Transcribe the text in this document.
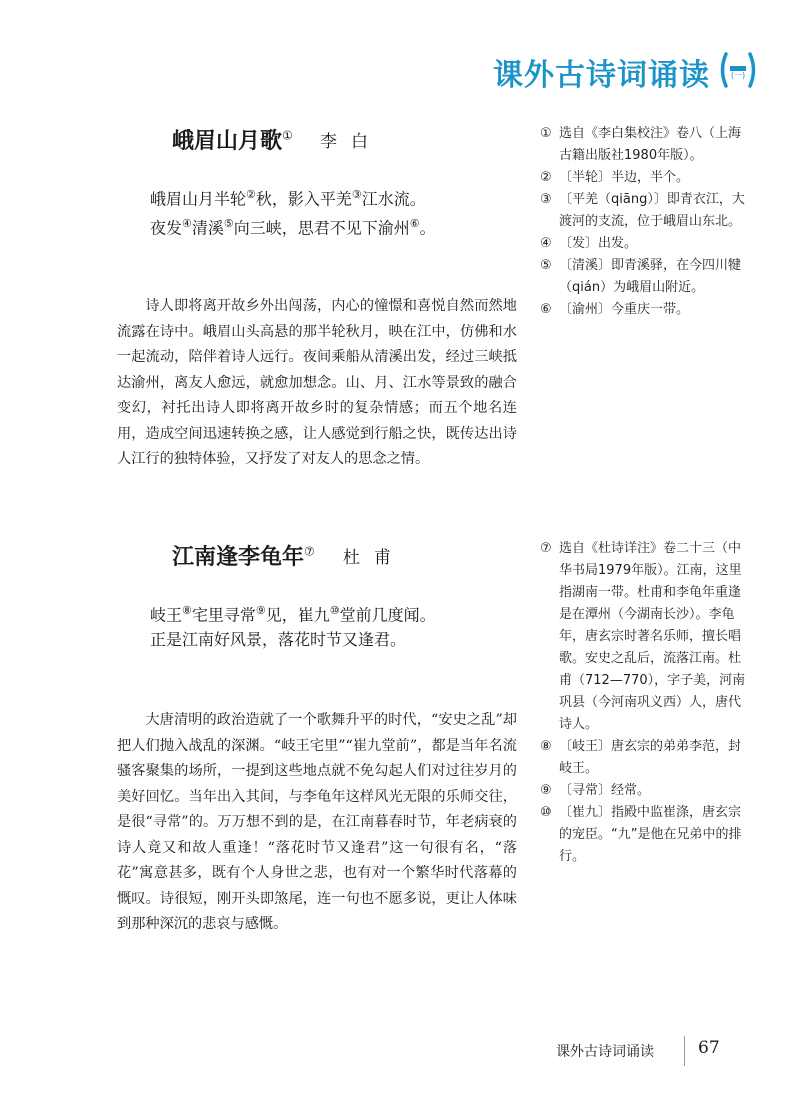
课外古诗词诵读	(一)
峨眉山月歌① 李白
峨眉山月半轮②秋，影入平羌③江水流。
夜发④清溪⑤向三峡，思君不见下渝州⑥。
诗人即将离开故乡外出闯荡，内心的憧憬和喜悦自然而然地流露在诗中。峨眉山头高悬的那半轮秋月，映在江中，仿佛和水一起流动，陪伴着诗人远行。夜间乘船从清溪出发，经过三峡抵达渝州，离友人愈远，就愈加想念。山、月、江水等景致的融合变幻，衬托出诗人即将离开故乡时的复杂情感；而五个地名连用，造成空间迅速转换之感，让人感觉到行船之快，既传达出诗人江行的独特体验，又抒发了对友人的思念之情。
① 选自《李白集校注》卷八（上海古籍出版社1980年版）。
② 〔半轮〕半边，半个。
③ 〔平羌（qiāng）〕即青衣江，大渡河的支流，位于峨眉山东北。
④ 〔发〕出发。
⑤ 〔清溪〕即青溪驿，在今四川犍（qián）为峨眉山附近。
⑥ 〔渝州〕今重庆一带。
江南逢李龟年⑦ 杜甫
岐王⑧宅里寻常⑨见，崔九⑩堂前几度闻。
正是江南好风景，落花时节又逢君。
大唐清明的政治造就了一个歌舞升平的时代，“安史之乱”却把人们抛入战乱的深渊。“岐王宅里”“崔九堂前”，都是当年名流骚客聚集的场所，一提到这些地点就不免勾起人们对过往岁月的美好回忆。当年出入其间，与李龟年这样风光无限的乐师交往，是很“寻常”的。万万想不到的是，在江南暮春时节，年老病衰的诗人竟又和故人重逢！“落花时节又逢君”这一句很有名，“落花”寓意甚多，既有个人身世之悲，也有对一个繁华时代落幕的慨叹。诗很短，刚开头即煞尾，连一句也不愿多说，更让人体味到那种深沉的悲哀与感慨。
⑦ 选自《杜诗详注》卷二十三（中华书局1979年版）。江南，这里指湖南一带。杜甫和李龟年重逢是在潭州（今湖南长沙）。李龟年，唐玄宗时著名乐师，擅长唱歌。安史之乱后，流落江南。杜甫（712—770），字子美，河南巩县（今河南巩义西）人，唐代诗人。
⑧ 〔岐王〕唐玄宗的弟弟李范，封岐王。
⑨ 〔寻常〕经常。
⑩ 〔崔九〕指殿中监崔涤，唐玄宗的宠臣。“九”是他在兄弟中的排行。
课外古诗词诵读	67
